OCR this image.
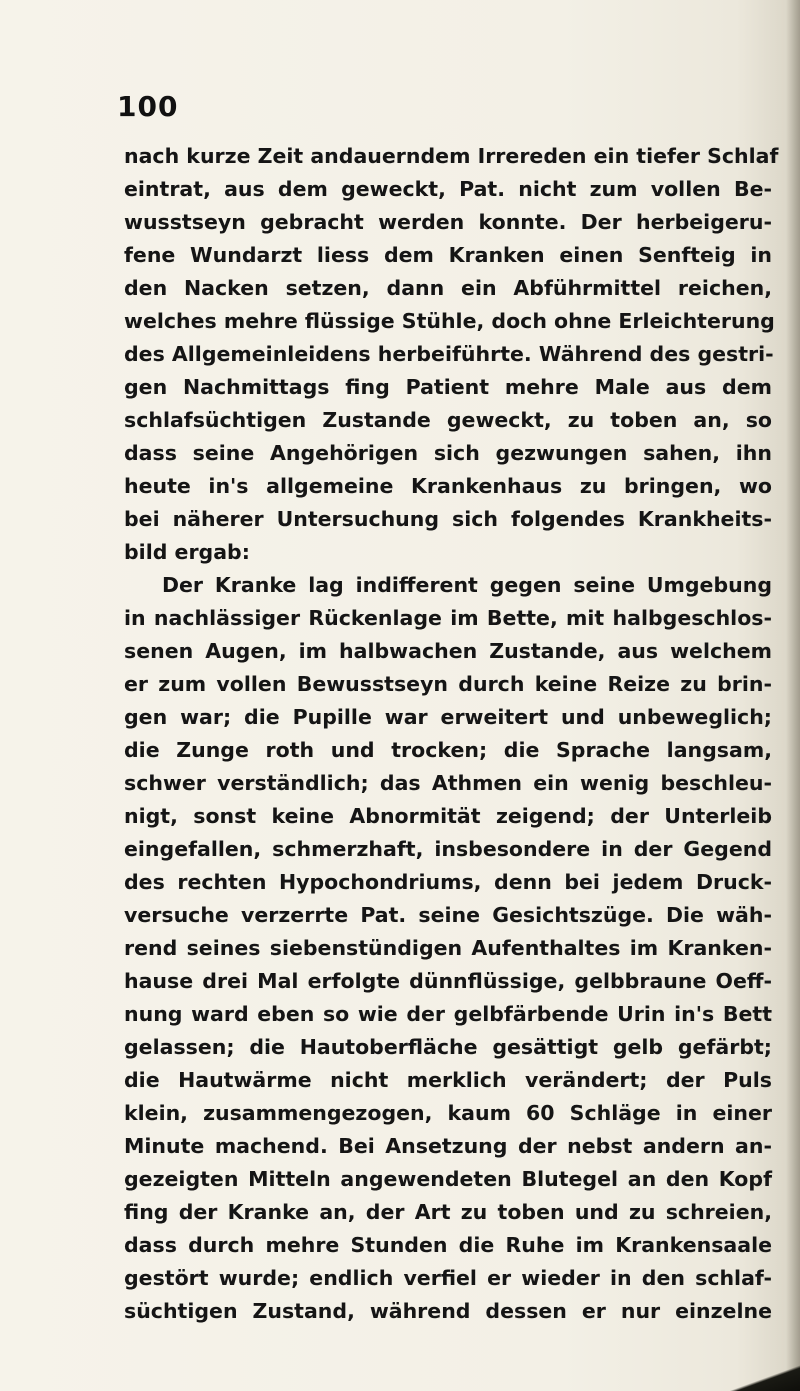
100
nach kurze Zeit andauerndem Irrereden ein tiefer Schlaf
eintrat, aus dem geweckt, Pat. nicht zum vollen Be-
wusstseyn gebracht werden konnte. Der herbeigeru-
fene Wundarzt liess dem Kranken einen Senfteig in
den Nacken setzen, dann ein Abführmittel reichen,
welches mehre flüssige Stühle, doch ohne Erleichterung
des Allgemeinleidens herbeiführte. Während des gestri-
gen Nachmittags fing Patient mehre Male aus dem
schlafsüchtigen Zustande geweckt, zu toben an, so
dass seine Angehörigen sich gezwungen sahen, ihn
heute in's allgemeine Krankenhaus zu bringen, wo
bei näherer Untersuchung sich folgendes Krankheits-
bild ergab:
Der Kranke lag indifferent gegen seine Umgebung
in nachlässiger Rückenlage im Bette, mit halbgeschlos-
senen Augen, im halbwachen Zustande, aus welchem
er zum vollen Bewusstseyn durch keine Reize zu brin-
gen war; die Pupille war erweitert und unbeweglich;
die Zunge roth und trocken; die Sprache langsam,
schwer verständlich; das Athmen ein wenig beschleu-
nigt, sonst keine Abnormität zeigend; der Unterleib
eingefallen, schmerzhaft, insbesondere in der Gegend
des rechten Hypochondriums, denn bei jedem Druck-
versuche verzerrte Pat. seine Gesichtszüge. Die wäh-
rend seines siebenstündigen Aufenthaltes im Kranken-
hause drei Mal erfolgte dünnflüssige, gelbbraune Oeff-
nung ward eben so wie der gelbfärbende Urin in's Bett
gelassen; die Hautoberfläche gesättigt gelb gefärbt;
die Hautwärme nicht merklich verändert; der Puls
klein, zusammengezogen, kaum 60 Schläge in einer
Minute machend. Bei Ansetzung der nebst andern an-
gezeigten Mitteln angewendeten Blutegel an den Kopf
fing der Kranke an, der Art zu toben und zu schreien,
dass durch mehre Stunden die Ruhe im Krankensaale
gestört wurde; endlich verfiel er wieder in den schlaf-
süchtigen Zustand, während dessen er nur einzelne
